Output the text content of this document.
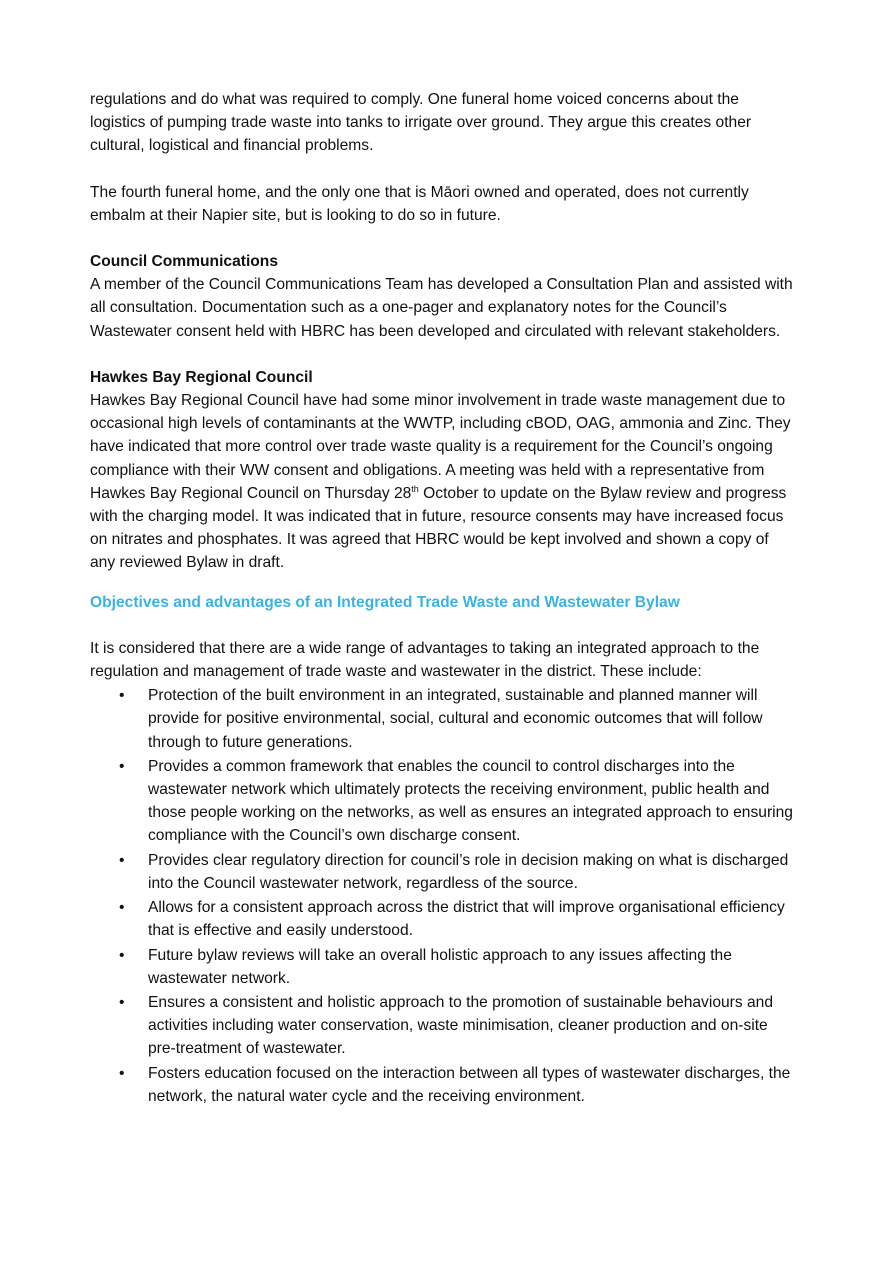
regulations and do what was required to comply. One funeral home voiced concerns about the logistics of pumping trade waste into tanks to irrigate over ground. They argue this creates other cultural, logistical and financial problems.

The fourth funeral home, and the only one that is Māori owned and operated, does not currently embalm at their Napier site, but is looking to do so in future.

Council Communications

A member of the Council Communications Team has developed a Consultation Plan and assisted with all consultation. Documentation such as a one-pager and explanatory notes for the Council’s Wastewater consent held with HBRC has been developed and circulated with relevant stakeholders.

Hawkes Bay Regional Council

Hawkes Bay Regional Council have had some minor involvement in trade waste management due to occasional high levels of contaminants at the WWTP, including cBOD, OAG, ammonia and Zinc. They have indicated that more control over trade waste quality is a requirement for the Council’s ongoing compliance with their WW consent and obligations. A meeting was held with a representative from Hawkes Bay Regional Council on Thursday 28th October to update on the Bylaw review and progress with the charging model. It was indicated that in future, resource consents may have increased focus on nitrates and phosphates. It was agreed that HBRC would be kept involved and shown a copy of any reviewed Bylaw in draft.

Objectives and advantages of an Integrated Trade Waste and Wastewater Bylaw

It is considered that there are a wide range of advantages to taking an integrated approach to the regulation and management of trade waste and wastewater in the district. These include:

• Protection of the built environment in an integrated, sustainable and planned manner will provide for positive environmental, social, cultural and economic outcomes that will follow through to future generations.
• Provides a common framework that enables the council to control discharges into the wastewater network which ultimately protects the receiving environment, public health and those people working on the networks, as well as ensures an integrated approach to ensuring compliance with the Council’s own discharge consent.
• Provides clear regulatory direction for council’s role in decision making on what is discharged into the Council wastewater network, regardless of the source.
• Allows for a consistent approach across the district that will improve organisational efficiency that is effective and easily understood.
• Future bylaw reviews will take an overall holistic approach to any issues affecting the wastewater network.
• Ensures a consistent and holistic approach to the promotion of sustainable behaviours and activities including water conservation, waste minimisation, cleaner production and on-site pre-treatment of wastewater.
• Fosters education focused on the interaction between all types of wastewater discharges, the network, the natural water cycle and the receiving environment.
